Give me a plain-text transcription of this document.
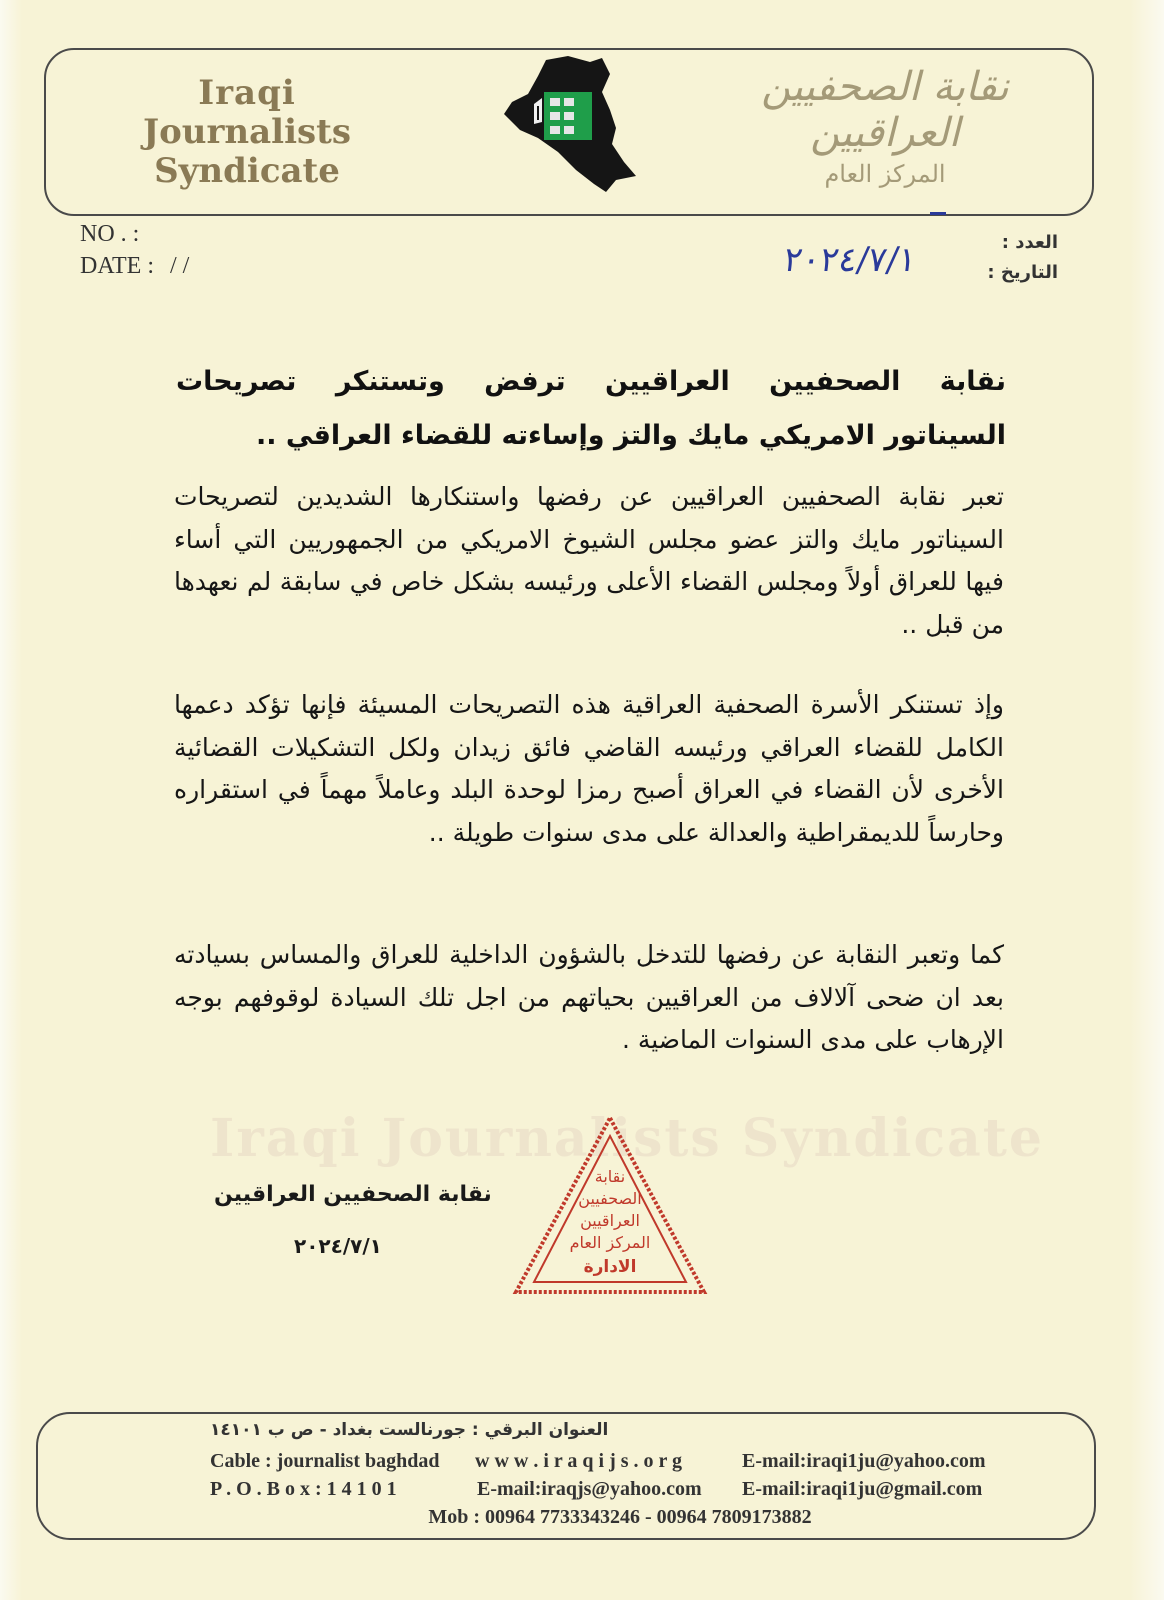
Iraqi
Journalists Syndicate
نقابة الصحفيين العراقيين
المركز العام
NO . :
DATE : / /
العدد :
التاريخ :
٢٠٢٤/٧/١
نقابة الصحفيين العراقيين ترفض وتستنكر تصريحات
السيناتور الامريكي مايك والتز وإساءته للقضاء العراقي ..
تعبر نقابة الصحفيين العراقيين عن رفضها واستنكارها الشديدين لتصريحات السيناتور مايك والتز عضو مجلس الشيوخ الامريكي من الجمهوريين التي أساء فيها للعراق أولاً ومجلس القضاء الأعلى ورئيسه بشكل خاص في سابقة لم نعهدها من قبل ..
وإذ تستنكر الأسرة الصحفية العراقية هذه التصريحات المسيئة فإنها تؤكد دعمها الكامل للقضاء العراقي ورئيسه القاضي فائق زيدان ولكل التشكيلات القضائية الأخرى لأن القضاء في العراق أصبح رمزا لوحدة البلد وعاملاً مهماً في استقراره وحارساً للديمقراطية والعدالة على مدى سنوات طويلة ..
كما وتعبر النقابة عن رفضها للتدخل بالشؤون الداخلية للعراق والمساس بسيادته بعد ان ضحى آلالاف من العراقيين بحياتهم من اجل تلك السيادة لوقوفهم بوجه الإرهاب على مدى السنوات الماضية .
Iraqi Journalists Syndicate
نقابة الصحفيين العراقيين
٢٠٢٤/٧/١
نقابة
الصحفيين
العراقيين
المركز العام
الادارة
العنوان البرقي : جورنالست بغداد - ص ب ١٤١٠١
Cable : journalist baghdad w w w . i r a q i j s . o r g	E-mail:iraqi1ju@yahoo.com
P . O . B o x : 1 4 1 0 1	E-mail:iraqjs@yahoo.com E-mail:iraqi1ju@gmail.com
Mob : 00964 7733343246 - 00964 7809173882
